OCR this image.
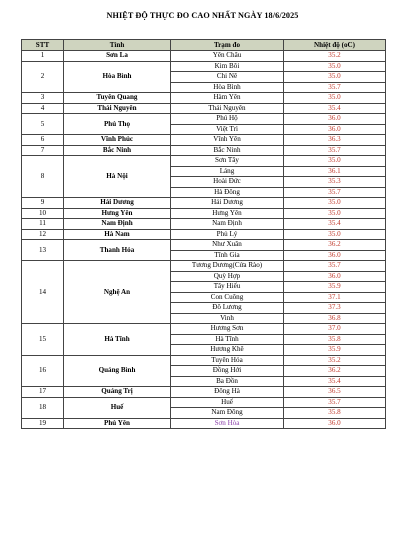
NHIỆT ĐỘ THỰC ĐO CAO NHẤT NGÀY 18/6/2025
STT	Tỉnh	Trạm đo	Nhiệt độ (oC)
1	Sơn La	Yên Châu	35.2
2	Hòa Bình	Kim Bôi	35.0
		Chi Nê	35.0
		Hòa Bình	35.7
3	Tuyên Quang	Hàm Yên	35.0
4	Thái Nguyên	Thái Nguyên	35.4
5	Phú Thọ	Phú Hộ	36.0
		Việt Trì	36.0
6	Vĩnh Phúc	Vĩnh Yên	36.3
7	Bắc Ninh	Bắc Ninh	35.7
8	Hà Nội	Sơn Tây	35.0
		Láng	36.1
		Hoài Đức	35.3
		Hà Đông	35.7
9	Hải Dương	Hải Dương	35.0
10	Hưng Yên	Hưng Yên	35.0
11	Nam Định	Nam Định	35.4
12	Hà Nam	Phủ Lý	35.0
13	Thanh Hóa	Như Xuân	36.2
		Tĩnh Gia	36.0
14	Nghệ An	Tương Dương(Cửa Rào)	35.7
		Quỳ Hợp	36.0
		Tây Hiếu	35.9
		Con Cuông	37.1
		Đô Lương	37.3
		Vinh	36.8
15	Hà Tĩnh	Hương Sơn	37.0
		Hà Tĩnh	35.8
		Hương Khê	35.9
16	Quảng Bình	Tuyên Hóa	35.2
		Đồng Hới	36.2
		Ba Đồn	35.4
17	Quảng Trị	Đông Hà	36.5
18	Huế	Huế	35.7
		Nam Đông	35.8
19	Phú Yên	Sơn Hòa	36.0
